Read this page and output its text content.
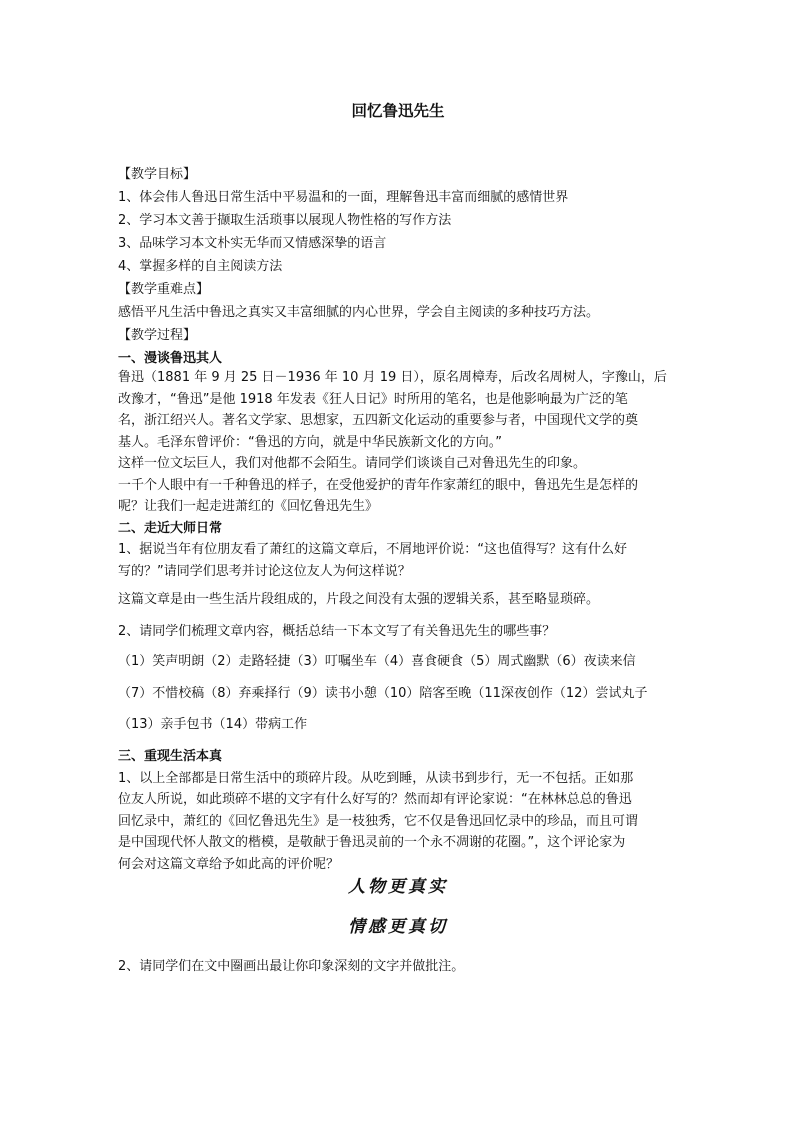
回忆鲁迅先生

【教学目标】

1、体会伟人鲁迅日常生活中平易温和的一面，理解鲁迅丰富而细腻的感情世界

2、学习本文善于撷取生活琐事以展现人物性格的写作方法

3、品味学习本文朴实无华而又情感深挚的语言

4、掌握多样的自主阅读方法

【教学重难点】

感悟平凡生活中鲁迅之真实又丰富细腻的内心世界，学会自主阅读的多种技巧方法。

【教学过程】

一、漫谈鲁迅其人

鲁迅（1881 年 9 月 25 日－1936 年 10 月 19 日），原名周樟寿，后改名周树人，字豫山，后

改豫才，“鲁迅”是他 1918 年发表《狂人日记》时所用的笔名，也是他影响最为广泛的笔

名，浙江绍兴人。著名文学家、思想家，五四新文化运动的重要参与者，中国现代文学的奠

基人。毛泽东曾评价：“鲁迅的方向，就是中华民族新文化的方向。”

这样一位文坛巨人，我们对他都不会陌生。请同学们谈谈自己对鲁迅先生的印象。

一千个人眼中有一千种鲁迅的样子，在受他爱护的青年作家萧红的眼中，鲁迅先生是怎样的

呢？让我们一起走进萧红的《回忆鲁迅先生》

二、走近大师日常

1、据说当年有位朋友看了萧红的这篇文章后，不屑地评价说：“这也值得写？这有什么好

写的？”请同学们思考并讨论这位友人为何这样说？

这篇文章是由一些生活片段组成的，片段之间没有太强的逻辑关系，甚至略显琐碎。
2、请同学们梳理文章内容，概括总结一下本文写了有关鲁迅先生的哪些事？
（1）笑声明朗（2）走路轻捷（3）叮嘱坐车（4）喜食硬食（5）周式幽默（6）夜读来信
（7）不惜校稿（8）弃乘择行（9）读书小憩（10）陪客至晚（11深夜创作（12）尝试丸子
（13）亲手包书（14）带病工作

三、重现生活本真

1、以上全部都是日常生活中的琐碎片段。从吃到睡，从读书到步行，无一不包括。正如那

位友人所说，如此琐碎不堪的文字有什么好写的？然而却有评论家说：“在林林总总的鲁迅

回忆录中，萧红的《回忆鲁迅先生》是一枝独秀，它不仅是鲁迅回忆录中的珍品，而且可谓

是中国现代怀人散文的楷模，是敬献于鲁迅灵前的一个永不凋谢的花圈。”，这个评论家为

何会对这篇文章给予如此高的评价呢？

人物更真实
情感更真切
2、请同学们在文中圈画出最让你印象深刻的文字并做批注。
